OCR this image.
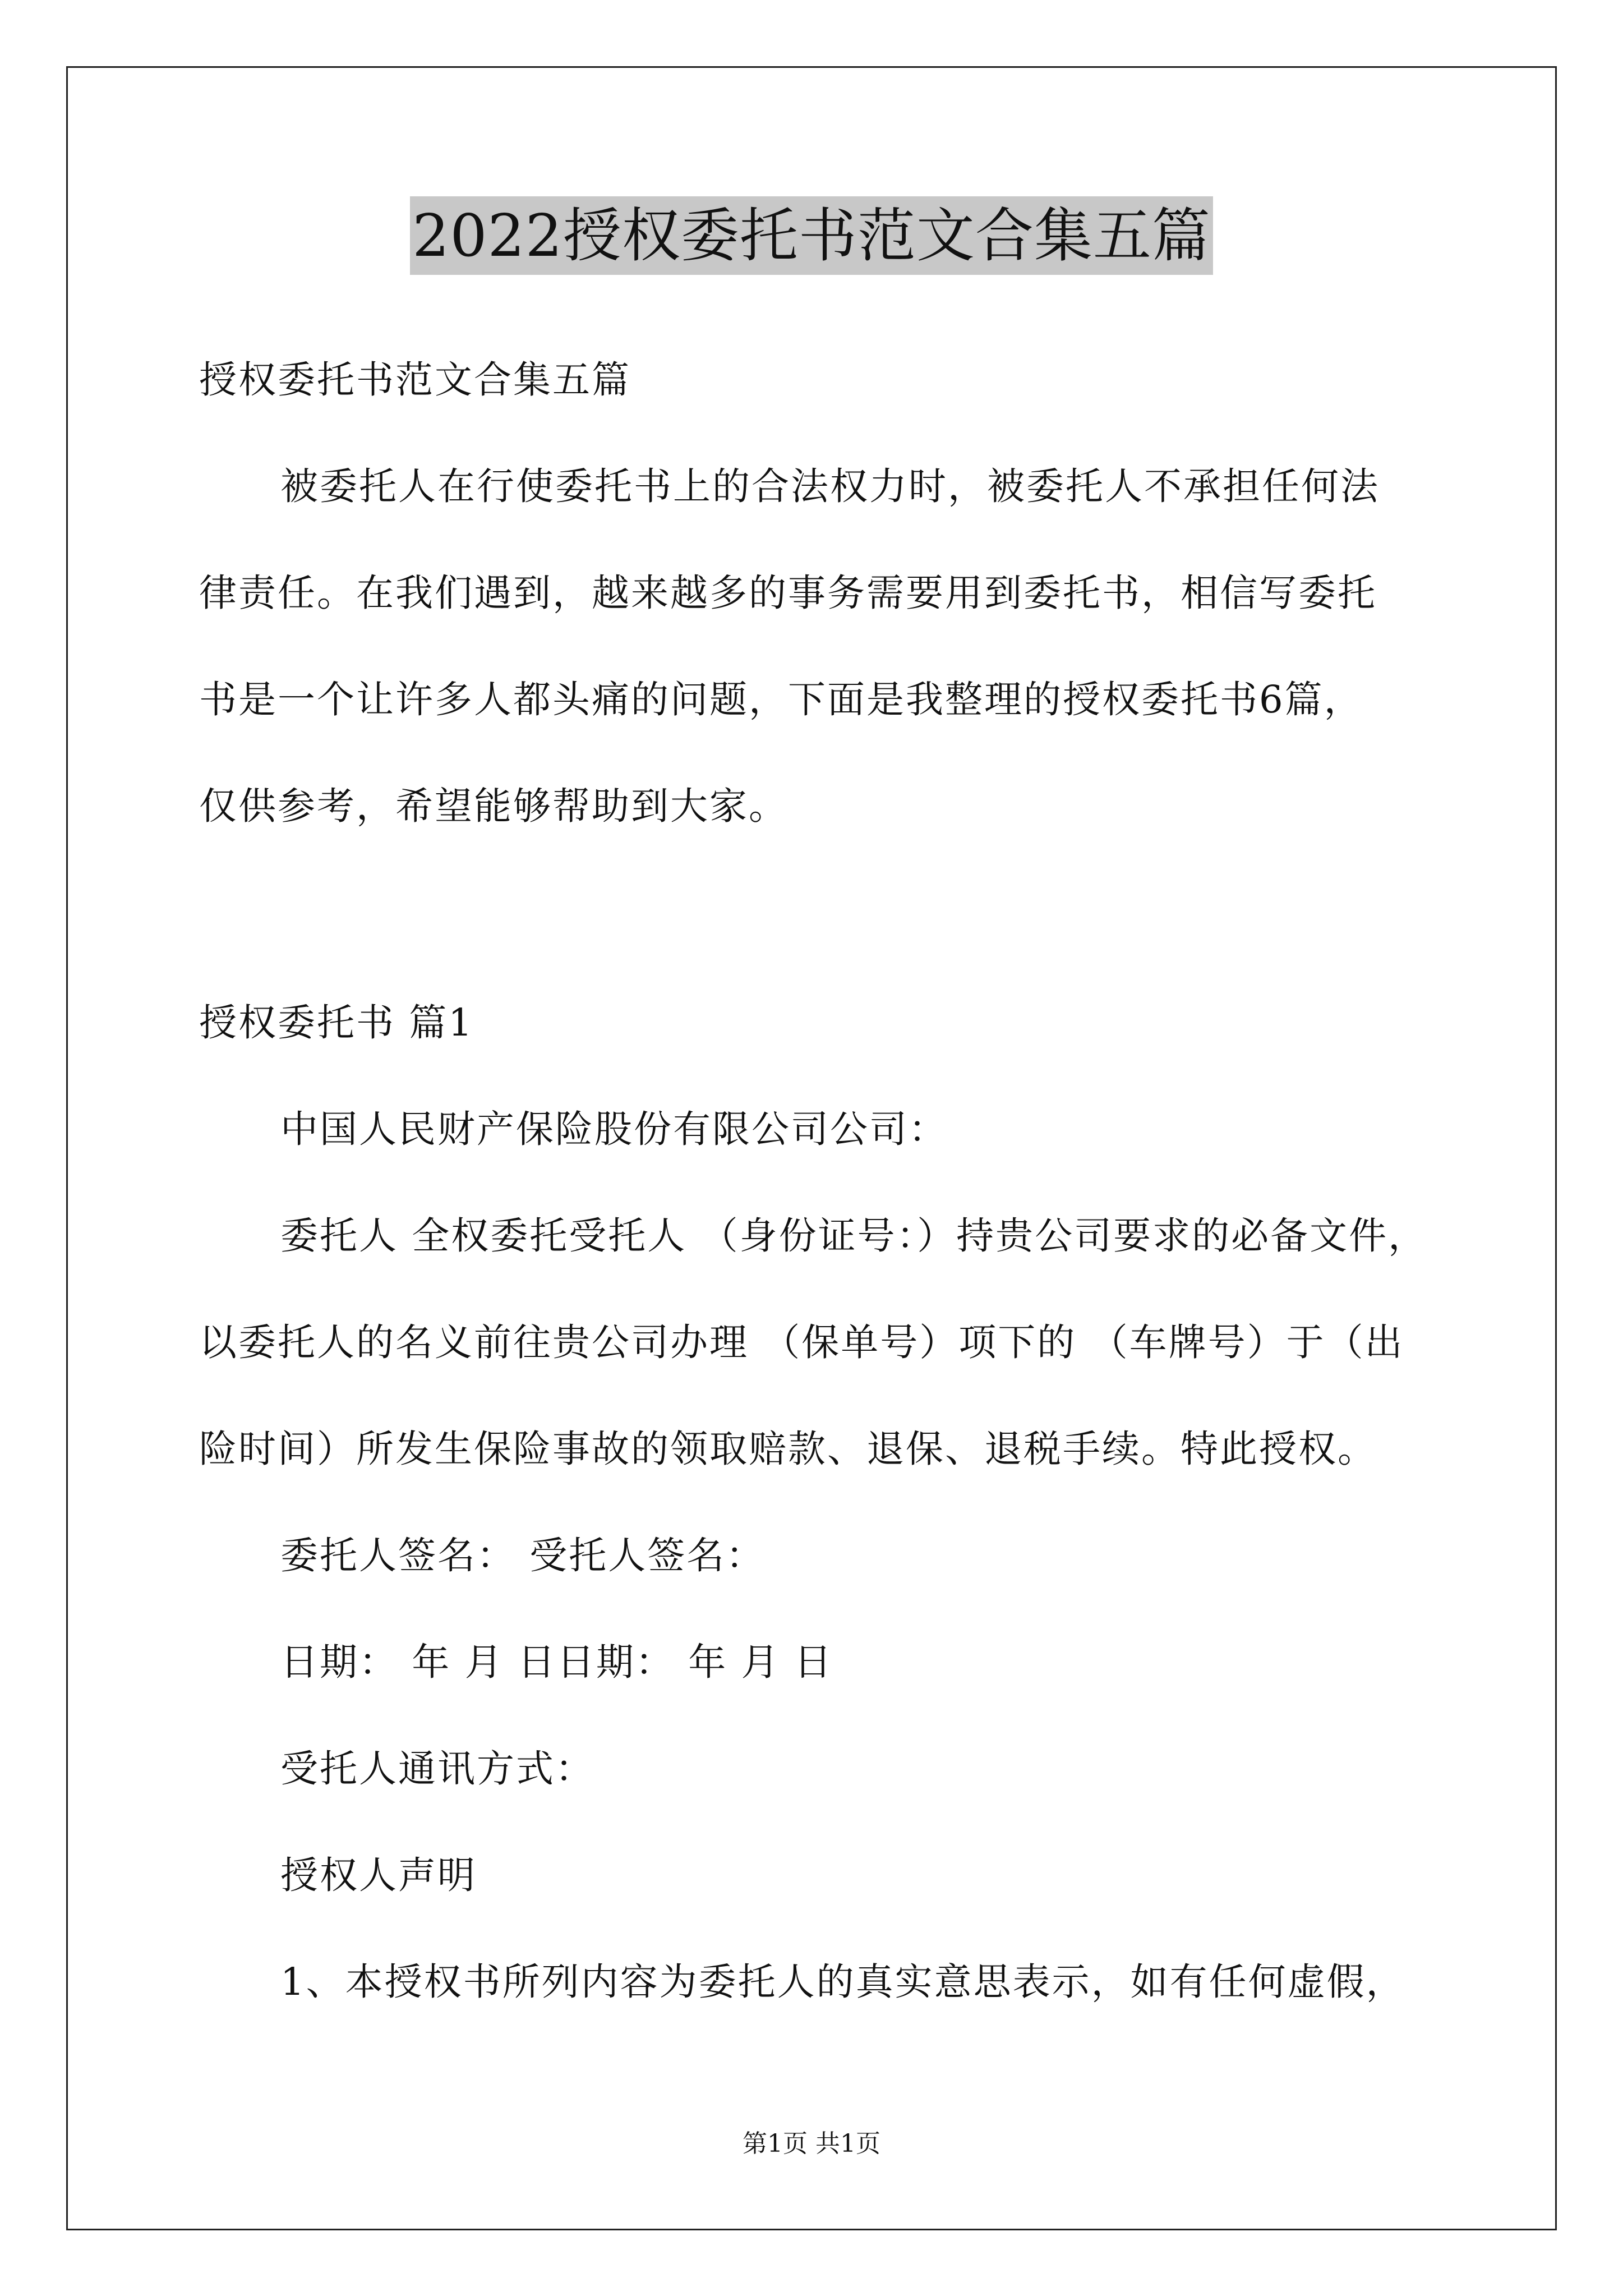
2022授权委托书范文合集五篇
授权委托书范文合集五篇
被委托人在行使委托书上的合法权力时，被委托人不承担任何法
律责任。在我们遇到，越来越多的事务需要用到委托书，相信写委托
书是一个让许多人都头痛的问题，下面是我整理的授权委托书6篇，
仅供参考，希望能够帮助到大家。
授权委托书 篇1
中国人民财产保险股份有限公司公司：
委托人 全权委托受托人 （身份证号：）持贵公司要求的必备文件，
以委托人的名义前往贵公司办理 （保单号）项下的 （车牌号）于（出
险时间）所发生保险事故的领取赔款、退保、退税手续。特此授权。
委托人签名： 受托人签名：
日期： 年 月 日日期： 年 月 日
受托人通讯方式：
授权人声明
1、本授权书所列内容为委托人的真实意思表示，如有任何虚假，
第1页 共1页
